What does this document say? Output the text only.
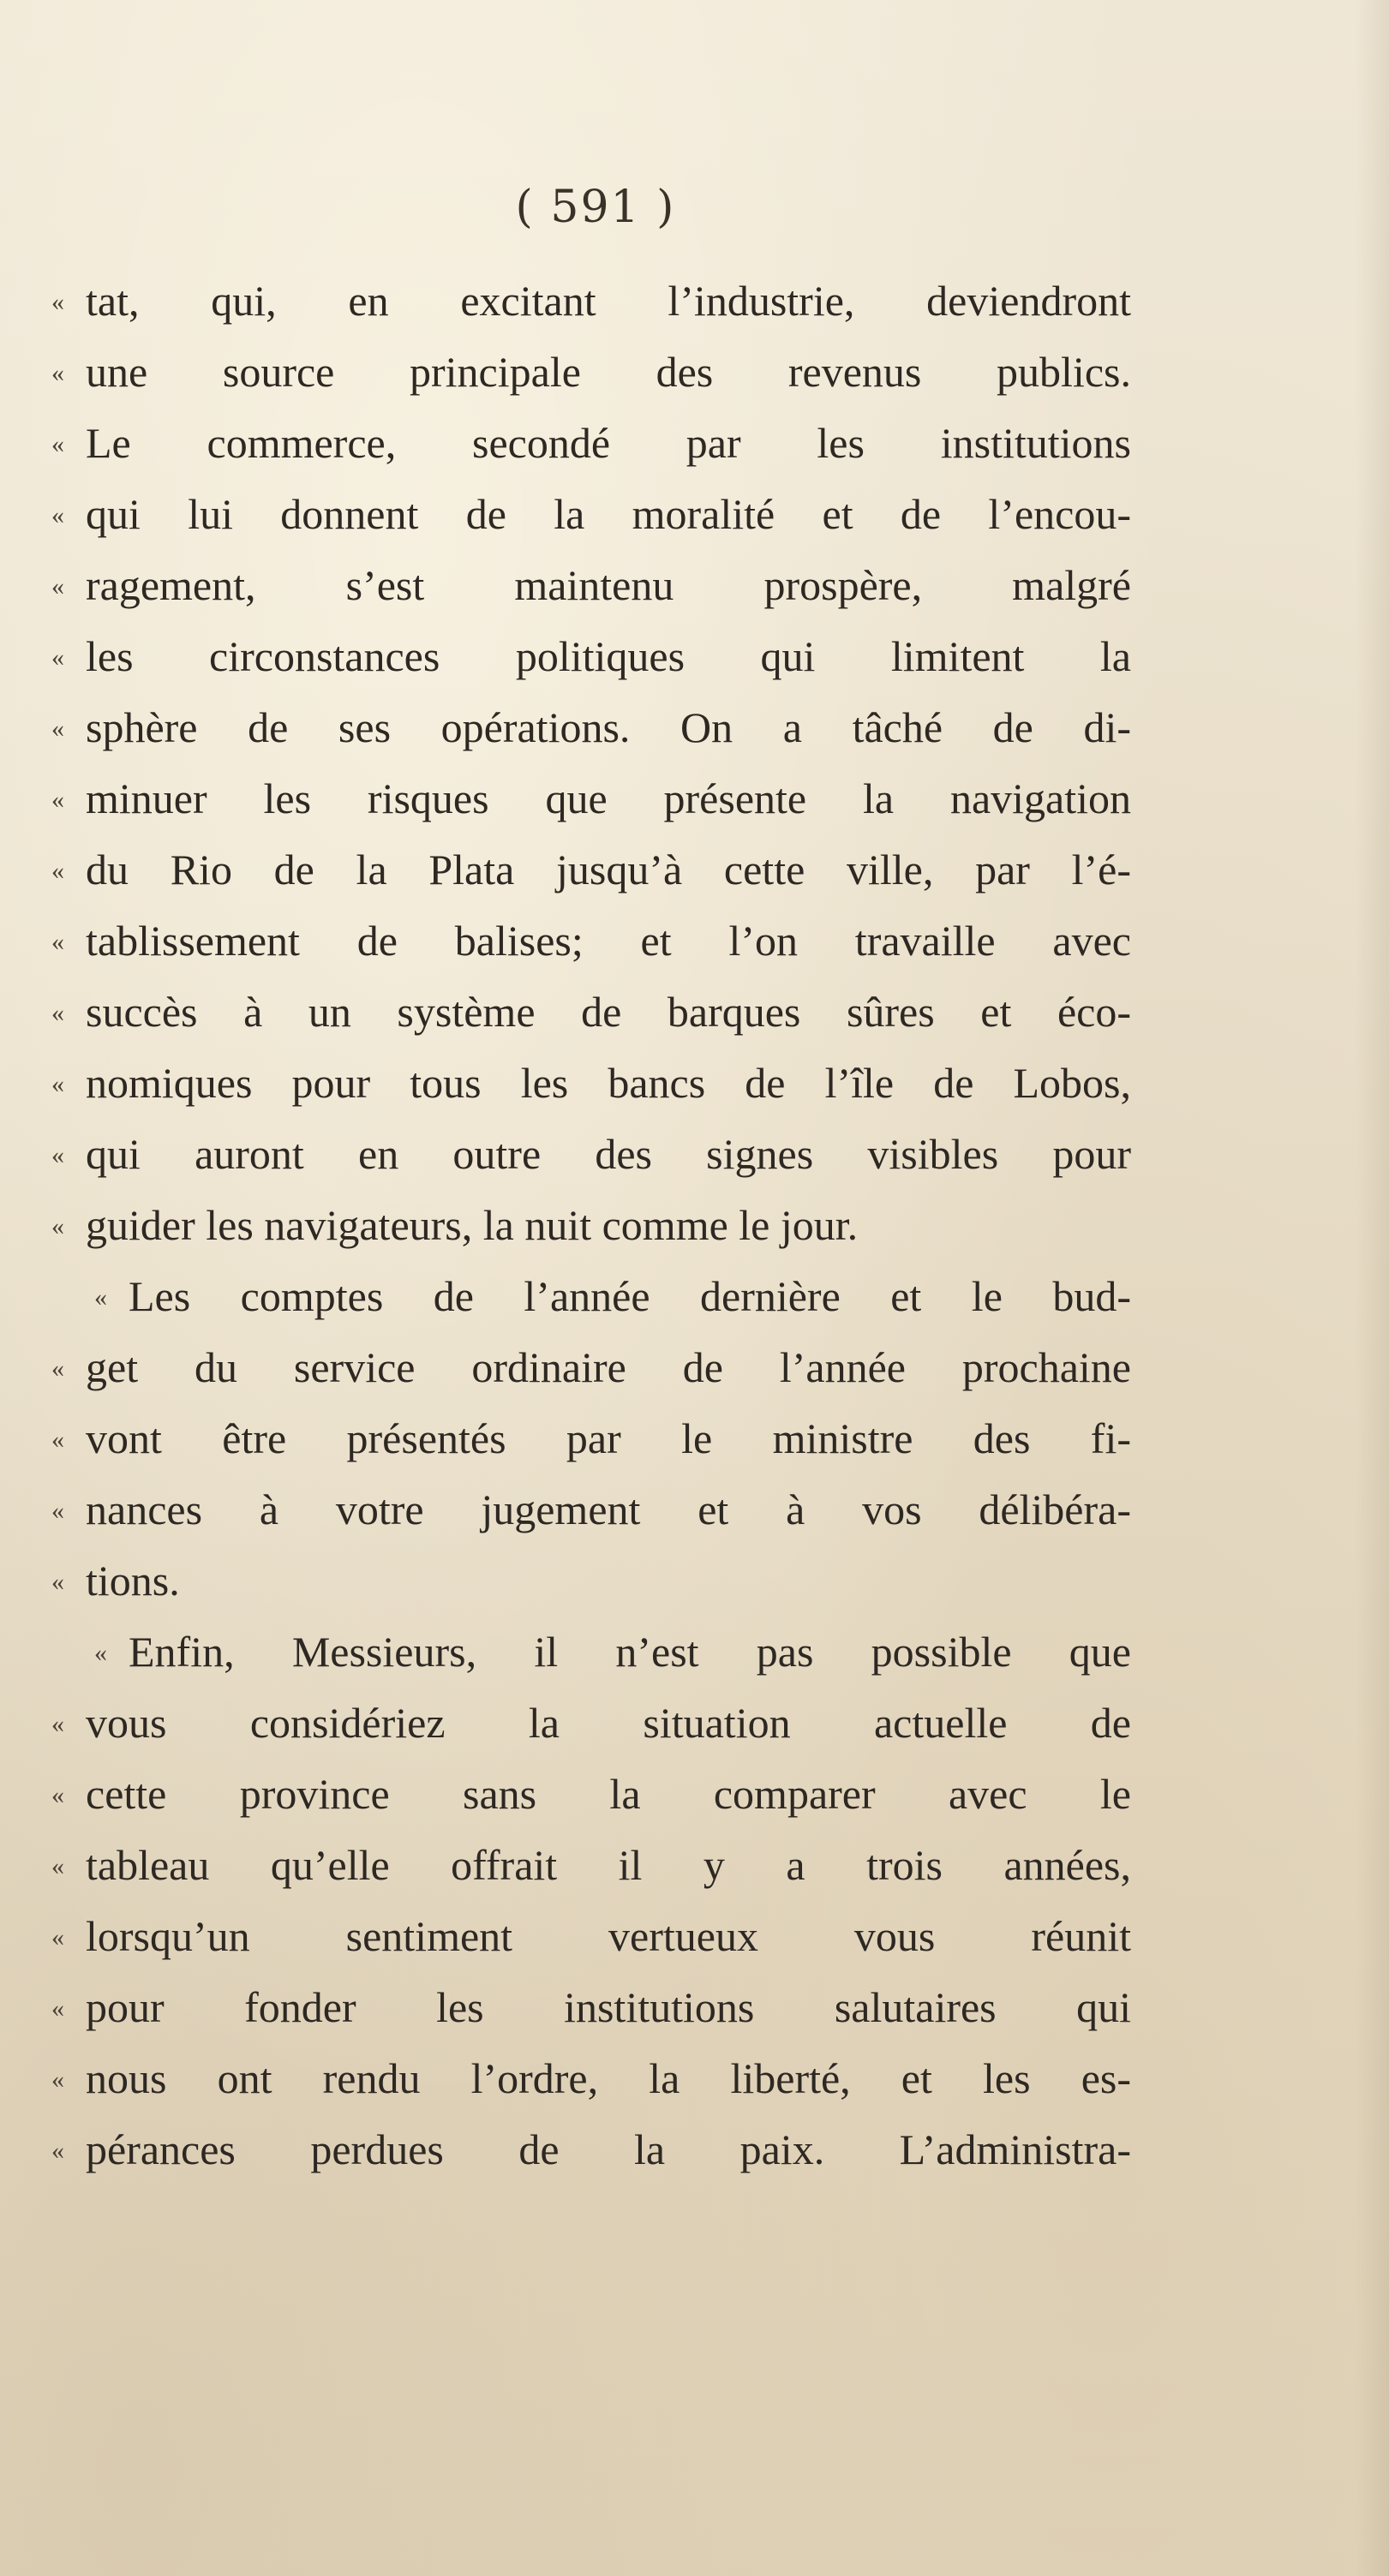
( 591 )
« tat, qui, en excitant l’industrie, deviendront
« une source principale des revenus publics.
« Le commerce, secondé par les institutions
« qui lui donnent de la moralité et de l’encou-
« ragement, s’est maintenu prospère, malgré
« les circonstances politiques qui limitent la
« sphère de ses opérations. On a tâché de di-
« minuer les risques que présente la navigation
« du Rio de la Plata jusqu’à cette ville, par l’é-
« tablissement de balises; et l’on travaille avec
« succès à un système de barques sûres et éco-
« nomiques pour tous les bancs de l’île de Lobos,
« qui auront en outre des signes visibles pour
« guider les navigateurs, la nuit comme le jour.
« Les comptes de l’année dernière et le bud-
« get du service ordinaire de l’année prochaine
« vont être présentés par le ministre des fi-
« nances à votre jugement et à vos délibéra-
« tions.
« Enfin, Messieurs, il n’est pas possible que
« vous considériez la situation actuelle de
« cette province sans la comparer avec le
« tableau qu’elle offrait il y a trois années,
« lorsqu’un sentiment vertueux vous réunit
« pour fonder les institutions salutaires qui
« nous ont rendu l’ordre, la liberté, et les es-
« pérances perdues de la paix. L’administra-
